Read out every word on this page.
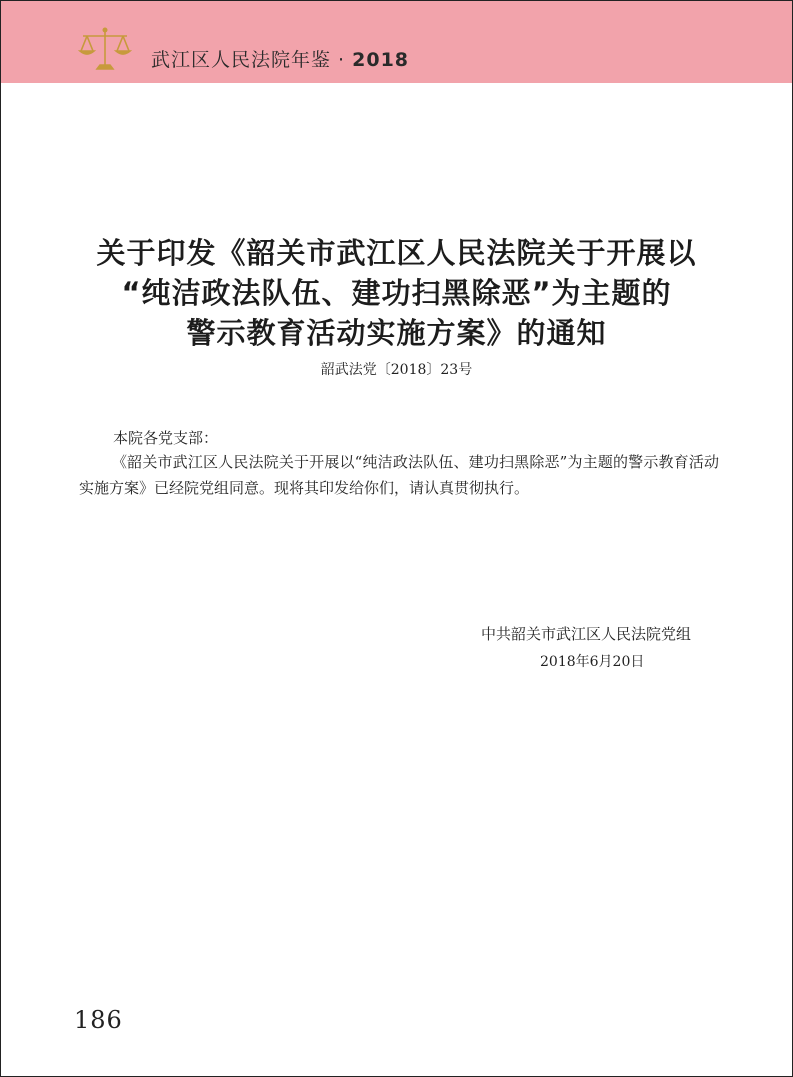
武江区人民法院年鉴 · 2018
关于印发《韶关市武江区人民法院关于开展以
“纯洁政法队伍、建功扫黑除恶”为主题的
警示教育活动实施方案》的通知
韶武法党〔2018〕23号
本院各党支部：
《韶关市武江区人民法院关于开展以“纯洁政法队伍、建功扫黑除恶”为主题的警示教育活动实施方案》已经院党组同意。现将其印发给你们，请认真贯彻执行。
中共韶关市武江区人民法院党组
2018年6月20日
186
